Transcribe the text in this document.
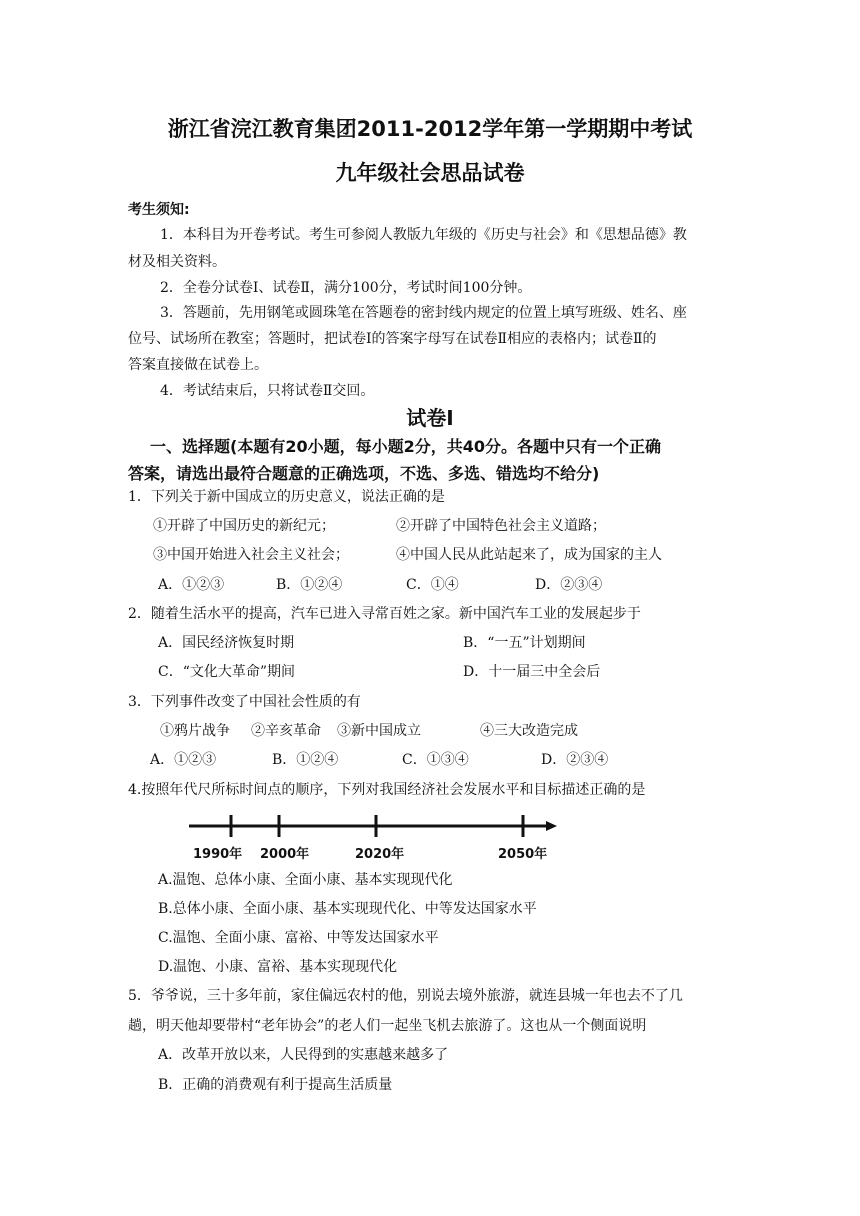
浙江省浣江教育集团2011-2012学年第一学期期中考试
九年级社会思品试卷
考生须知:
1．本科目为开卷考试。考生可参阅人教版九年级的《历史与社会》和《思想品德》教
材及相关资料。
2．全卷分试卷Ⅰ、试卷Ⅱ，满分100分，考试时间100分钟。
3．答题前，先用钢笔或圆珠笔在答题卷的密封线内规定的位置上填写班级、姓名、座
位号、试场所在教室；答题时，把试卷Ⅰ的答案字母写在试卷Ⅱ相应的表格内；试卷Ⅱ的
答案直接做在试卷上。
4．考试结束后，只将试卷Ⅱ交回。
试卷Ⅰ
一、选择题(本题有20小题，每小题2分，共40分。各题中只有一个正确
答案，请选出最符合题意的正确选项，不选、多选、错选均不给分)
1．下列关于新中国成立的历史意义，说法正确的是
①开辟了中国历史的新纪元；	②开辟了中国特色社会主义道路；
③中国开始进入社会主义社会；	④中国人民从此站起来了，成为国家的主人
A．①②③	B．①②④	C．①④	D．②③④
2．随着生活水平的提高，汽车已进入寻常百姓之家。新中国汽车工业的发展起步于
A．国民经济恢复时期	B．“一五”计划期间
C．“文化大革命”期间	D．十一届三中全会后
3．下列事件改变了中国社会性质的有
①鸦片战争 ②辛亥革命 ③新中国成立	④三大改造完成
A．①②③	B．①②④	C．①③④	D．②③④
4.按照年代尺所标时间点的顺序，下列对我国经济社会发展水平和目标描述正确的是
1990年 2000年	2020年	2050年
A.温饱、总体小康、全面小康、基本实现现代化
B.总体小康、全面小康、基本实现现代化、中等发达国家水平
C.温饱、全面小康、富裕、中等发达国家水平
D.温饱、小康、富裕、基本实现现代化
5．爷爷说，三十多年前，家住偏远农村的他，别说去境外旅游，就连县城一年也去不了几
趟，明天他却要带村“老年协会”的老人们一起坐飞机去旅游了。这也从一个侧面说明
A．改革开放以来，人民得到的实惠越来越多了
B．正确的消费观有利于提高生活质量
